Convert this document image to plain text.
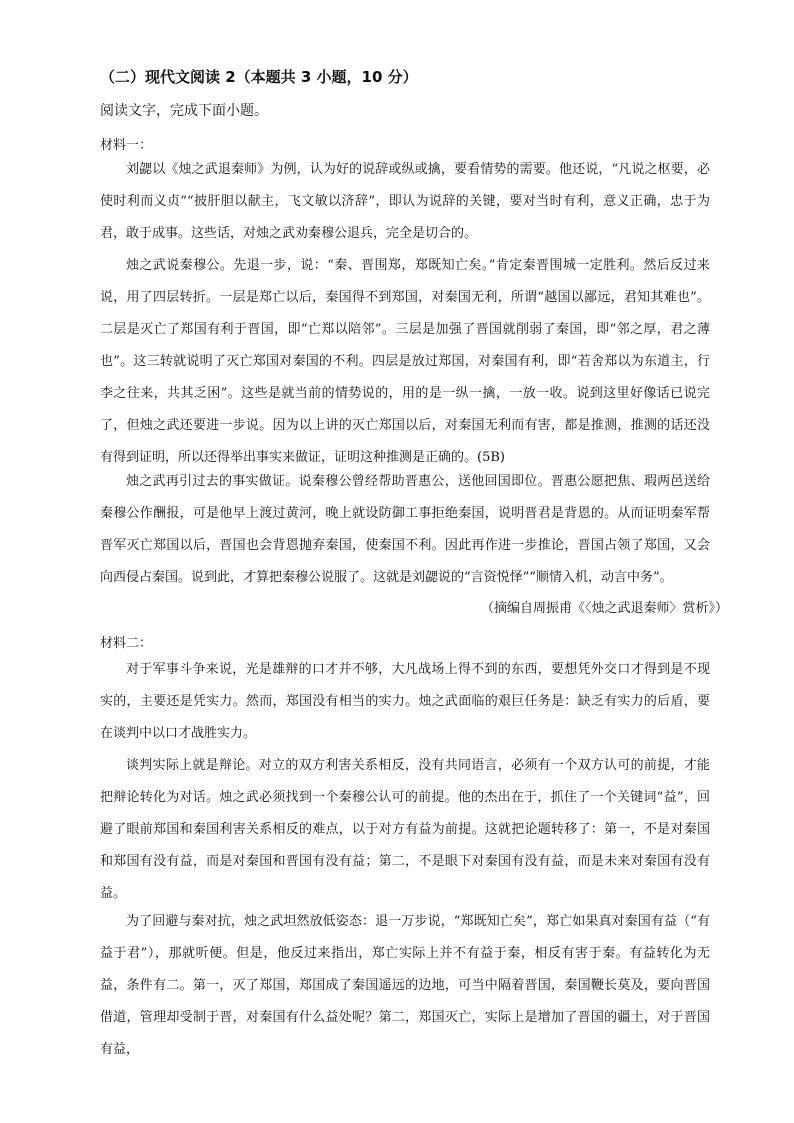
（二）现代文阅读 2（本题共 3 小题，10 分）
阅读文字，完成下面小题。
材料一：

刘勰以《烛之武退秦师》为例，认为好的说辞或纵或擒，要看情势的需要。他还说，“凡说之枢要，必使时利而义贞”“披肝胆以献主，飞文敏以济辞”，即认为说辞的关键，要对当时有利，意义正确，忠于为君，敢于成事。这些话，对烛之武劝秦穆公退兵，完全是切合的。

烛之武说秦穆公。先退一步，说：“秦、晋围郑，郑既知亡矣。”肯定秦晋围城一定胜利。然后反过来说，用了四层转折。一层是郑亡以后，秦国得不到郑国，对秦国无利，所谓“越国以鄙远，君知其难也”。二层是灭亡了郑国有利于晋国，即“亡郑以陪邻”。三层是加强了晋国就削弱了秦国，即“邻之厚，君之薄也”。这三转就说明了灭亡郑国对秦国的不利。四层是放过郑国，对秦国有利，即“若舍郑以为东道主，行李之往来，共其乏困”。这些是就当前的情势说的，用的是一纵一擒，一放一收。说到这里好像话已说完了，但烛之武还要进一步说。因为以上讲的灭亡郑国以后，对秦国无利而有害，都是推测，推测的话还没有得到证明，所以还得举出事实来做证，证明这种推测是正确的。(5B)

烛之武再引过去的事实做证。说秦穆公曾经帮助晋惠公，送他回国即位。晋惠公愿把焦、瑕两邑送给秦穆公作酬报，可是他早上渡过黄河，晚上就设防御工事拒绝秦国，说明晋君是背恩的。从而证明秦军帮晋军灭亡郑国以后，晋国也会背恩抛弃秦国，使秦国不利。因此再作进一步推论，晋国占领了郑国，又会向西侵占秦国。说到此，才算把秦穆公说服了。这就是刘勰说的“言资悦怿”“顺情入机，动言中务”。

（摘编自周振甫《〈烛之武退秦师〉赏析》）
材料二：

对于军事斗争来说，光是雄辩的口才并不够，大凡战场上得不到的东西，要想凭外交口才得到是不现实的，主要还是凭实力。然而，郑国没有相当的实力。烛之武面临的艰巨任务是：缺乏有实力的后盾，要在谈判中以口才战胜实力。

谈判实际上就是辩论。对立的双方利害关系相反，没有共同语言，必须有一个双方认可的前提，才能把辩论转化为对话。烛之武必须找到一个秦穆公认可的前提。他的杰出在于，抓住了一个关键词“益”，回避了眼前郑国和秦国利害关系相反的难点，以于对方有益为前提。这就把论题转移了：第一，不是对秦国和郑国有没有益，而是对秦国和晋国有没有益；第二，不是眼下对秦国有没有益，而是未来对秦国有没有益。

为了回避与秦对抗，烛之武坦然放低姿态：退一万步说，“郑既知亡矣”，郑亡如果真对秦国有益（“有益于君”），那就听便。但是，他反过来指出，郑亡实际上并不有益于秦，相反有害于秦。有益转化为无益，条件有二。第一，灭了郑国，郑国成了秦国遥远的边地，可当中隔着晋国，秦国鞭长莫及，要向晋国借道，管理却受制于晋，对秦国有什么益处呢？第二，郑国灭亡，实际上是增加了晋国的疆土，对于晋国有益，
